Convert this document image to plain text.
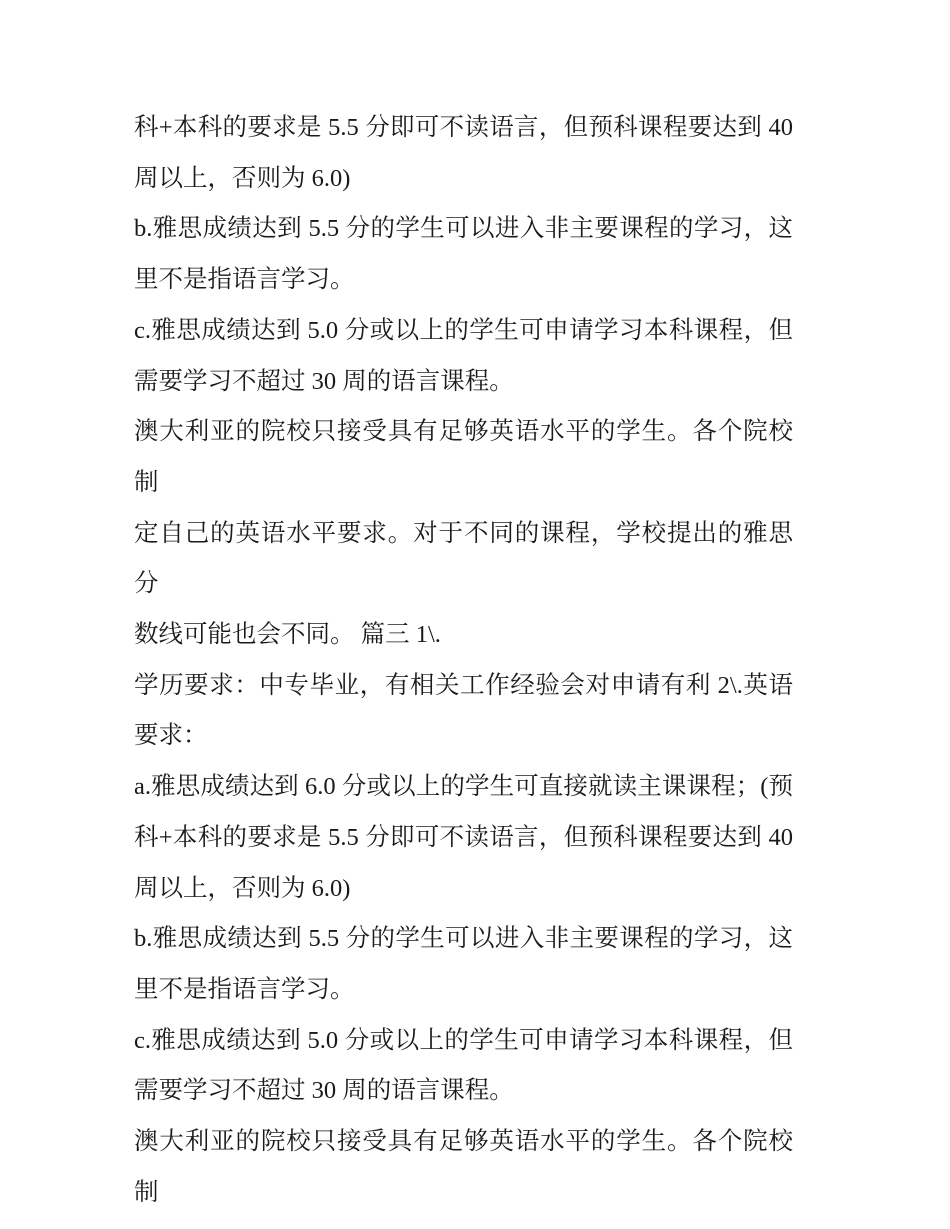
科+本科的要求是 5.5 分即可不读语言，但预科课程要达到 40
周以上，否则为 6.0)
b.雅思成绩达到 5.5 分的学生可以进入非主要课程的学习，这
里不是指语言学习。
c.雅思成绩达到 5.0 分或以上的学生可申请学习本科课程，但
需要学习不超过 30 周的语言课程。
澳大利亚的院校只接受具有足够英语水平的学生。各个院校制
定自己的英语水平要求。对于不同的课程，学校提出的雅思分
数线可能也会不同。 篇三 1\.
学历要求：中专毕业，有相关工作经验会对申请有利 2\.英语
要求：
a.雅思成绩达到 6.0 分或以上的学生可直接就读主课课程；(预
科+本科的要求是 5.5 分即可不读语言，但预科课程要达到 40
周以上，否则为 6.0)
b.雅思成绩达到 5.5 分的学生可以进入非主要课程的学习，这
里不是指语言学习。
c.雅思成绩达到 5.0 分或以上的学生可申请学习本科课程，但
需要学习不超过 30 周的语言课程。
澳大利亚的院校只接受具有足够英语水平的学生。各个院校制
